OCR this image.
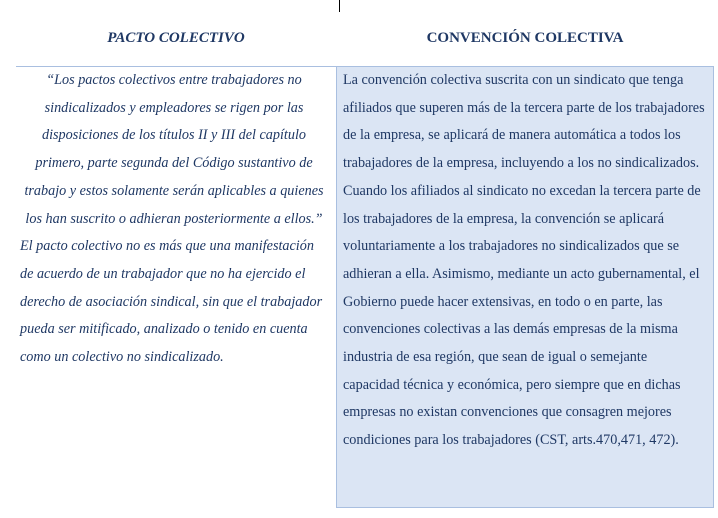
PACTO COLECTIVO	CONVENCIÓN COLECTIVA

“Los pactos colectivos entre trabajadores no sindicalizados y empleadores se rigen por las disposiciones de los títulos II y III del capítulo primero, parte segunda del Código sustantivo de trabajo y estos solamente serán aplicables a quienes los han suscrito o adhieran posteriormente a ellos.”

El pacto colectivo no es más que una manifestación de acuerdo de un trabajador que no ha ejercido el derecho de asociación sindical, sin que el trabajador pueda ser mitificado, analizado o tenido en cuenta como un colectivo no sindicalizado.

La convención colectiva suscrita con un sindicato que tenga afiliados que superen más de la tercera parte de los trabajadores de la empresa, se aplicará de manera automática a todos los trabajadores de la empresa, incluyendo a los no sindicalizados. Cuando los afiliados al sindicato no excedan la tercera parte de los trabajadores de la empresa, la convención se aplicará voluntariamente a los trabajadores no sindicalizados que se adhieran a ella. Asimismo, mediante un acto gubernamental, el Gobierno puede hacer extensivas, en todo o en parte, las convenciones colectivas a las demás empresas de la misma industria de esa región, que sean de igual o semejante capacidad técnica y económica, pero siempre que en dichas empresas no existan convenciones que consagren mejores condiciones para los trabajadores (CST, arts.470,471, 472).
